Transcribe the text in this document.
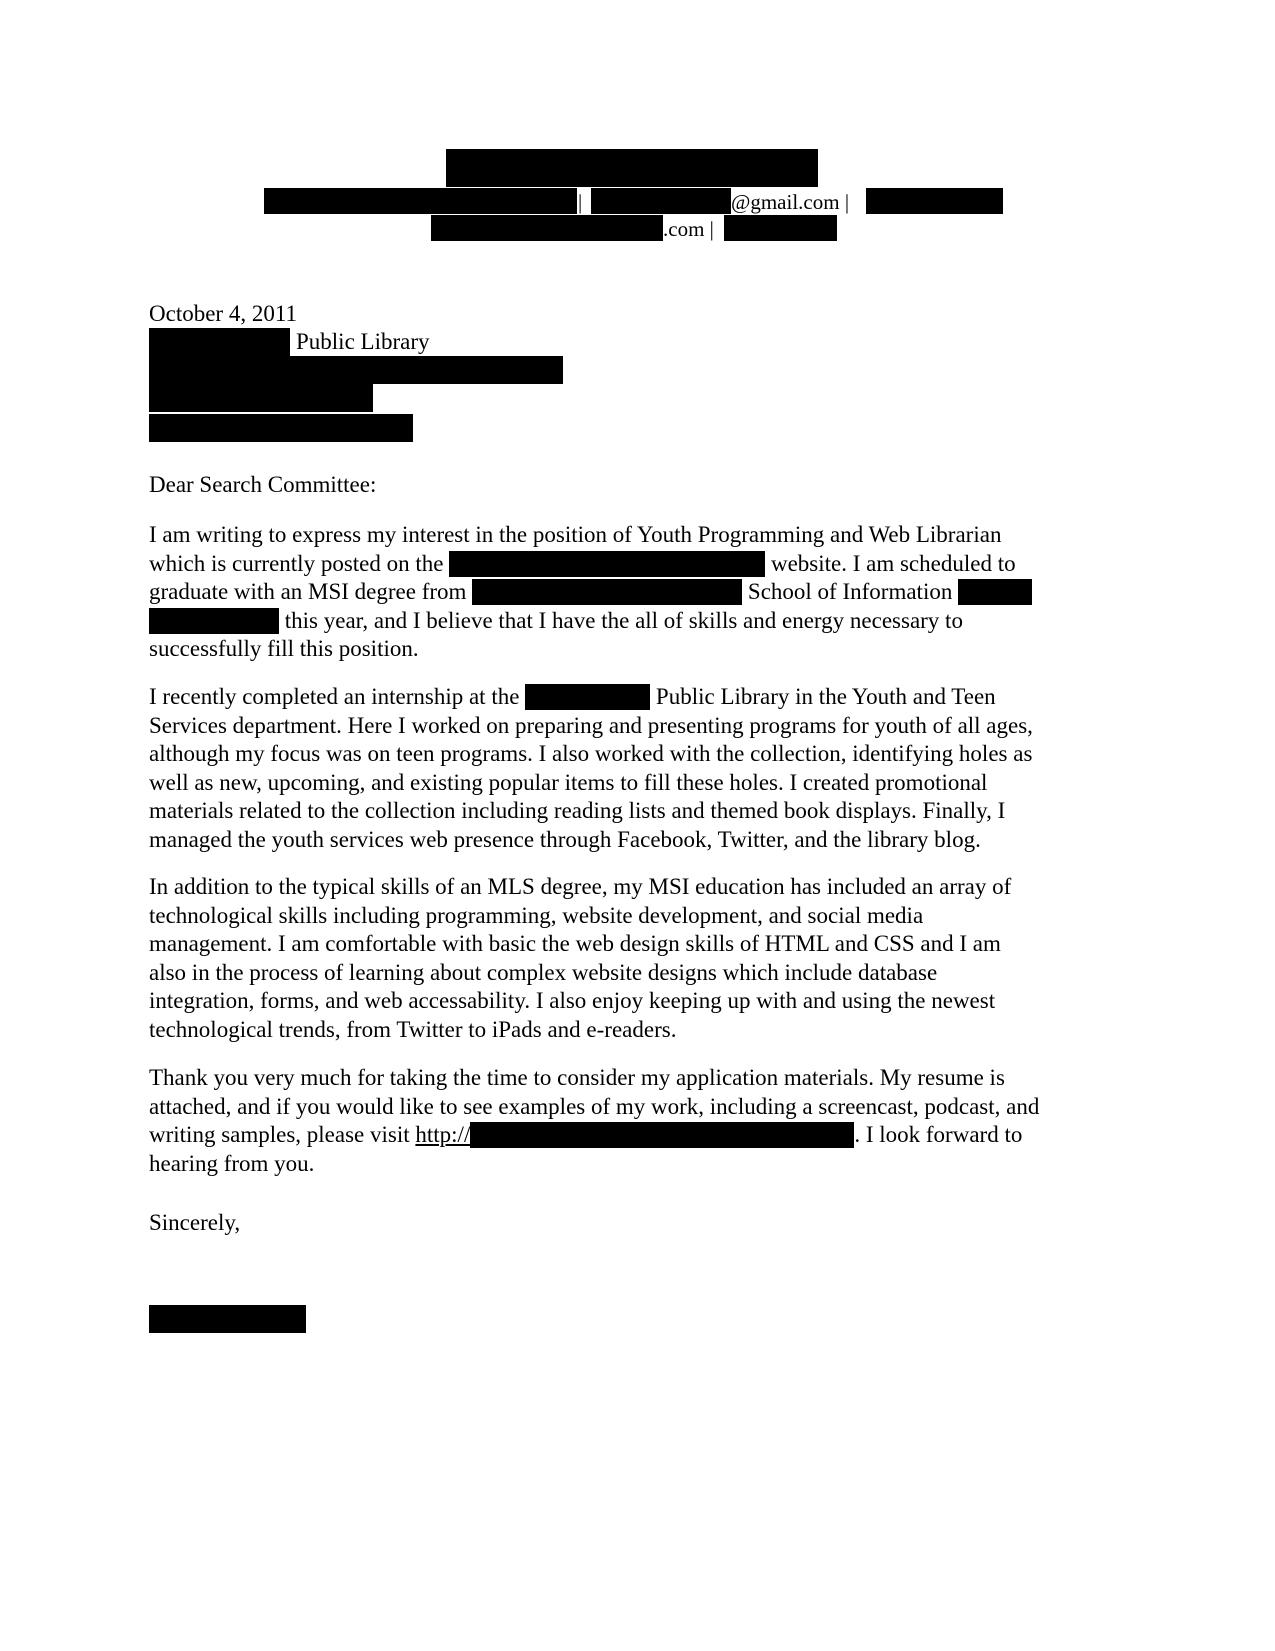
|	@gmail.com |
.com |
October 4, 2011
Public Library
Dear Search Committee:
I am writing to express my interest in the position of Youth Programming and Web Librarian
which is currently posted on the	website. I am scheduled to
graduate with an MSI degree from	School of Information
this year, and I believe that I have the all of skills and energy necessary to
successfully fill this position.
I recently completed an internship at the	Public Library in the Youth and Teen
Services department. Here I worked on preparing and presenting programs for youth of all ages,
although my focus was on teen programs. I also worked with the collection, identifying holes as
well as new, upcoming, and existing popular items to fill these holes. I created promotional
materials related to the collection including reading lists and themed book displays. Finally, I
managed the youth services web presence through Facebook, Twitter, and the library blog.
In addition to the typical skills of an MLS degree, my MSI education has included an array of
technological skills including programming, website development, and social media
management. I am comfortable with basic the web design skills of HTML and CSS and I am
also in the process of learning about complex website designs which include database
integration, forms, and web accessability. I also enjoy keeping up with and using the newest
technological trends, from Twitter to iPads and e-readers.
Thank you very much for taking the time to consider my application materials. My resume is
attached, and if you would like to see examples of my work, including a screencast, podcast, and
writing samples, please visit http://	. I look forward to
hearing from you.
Sincerely,
